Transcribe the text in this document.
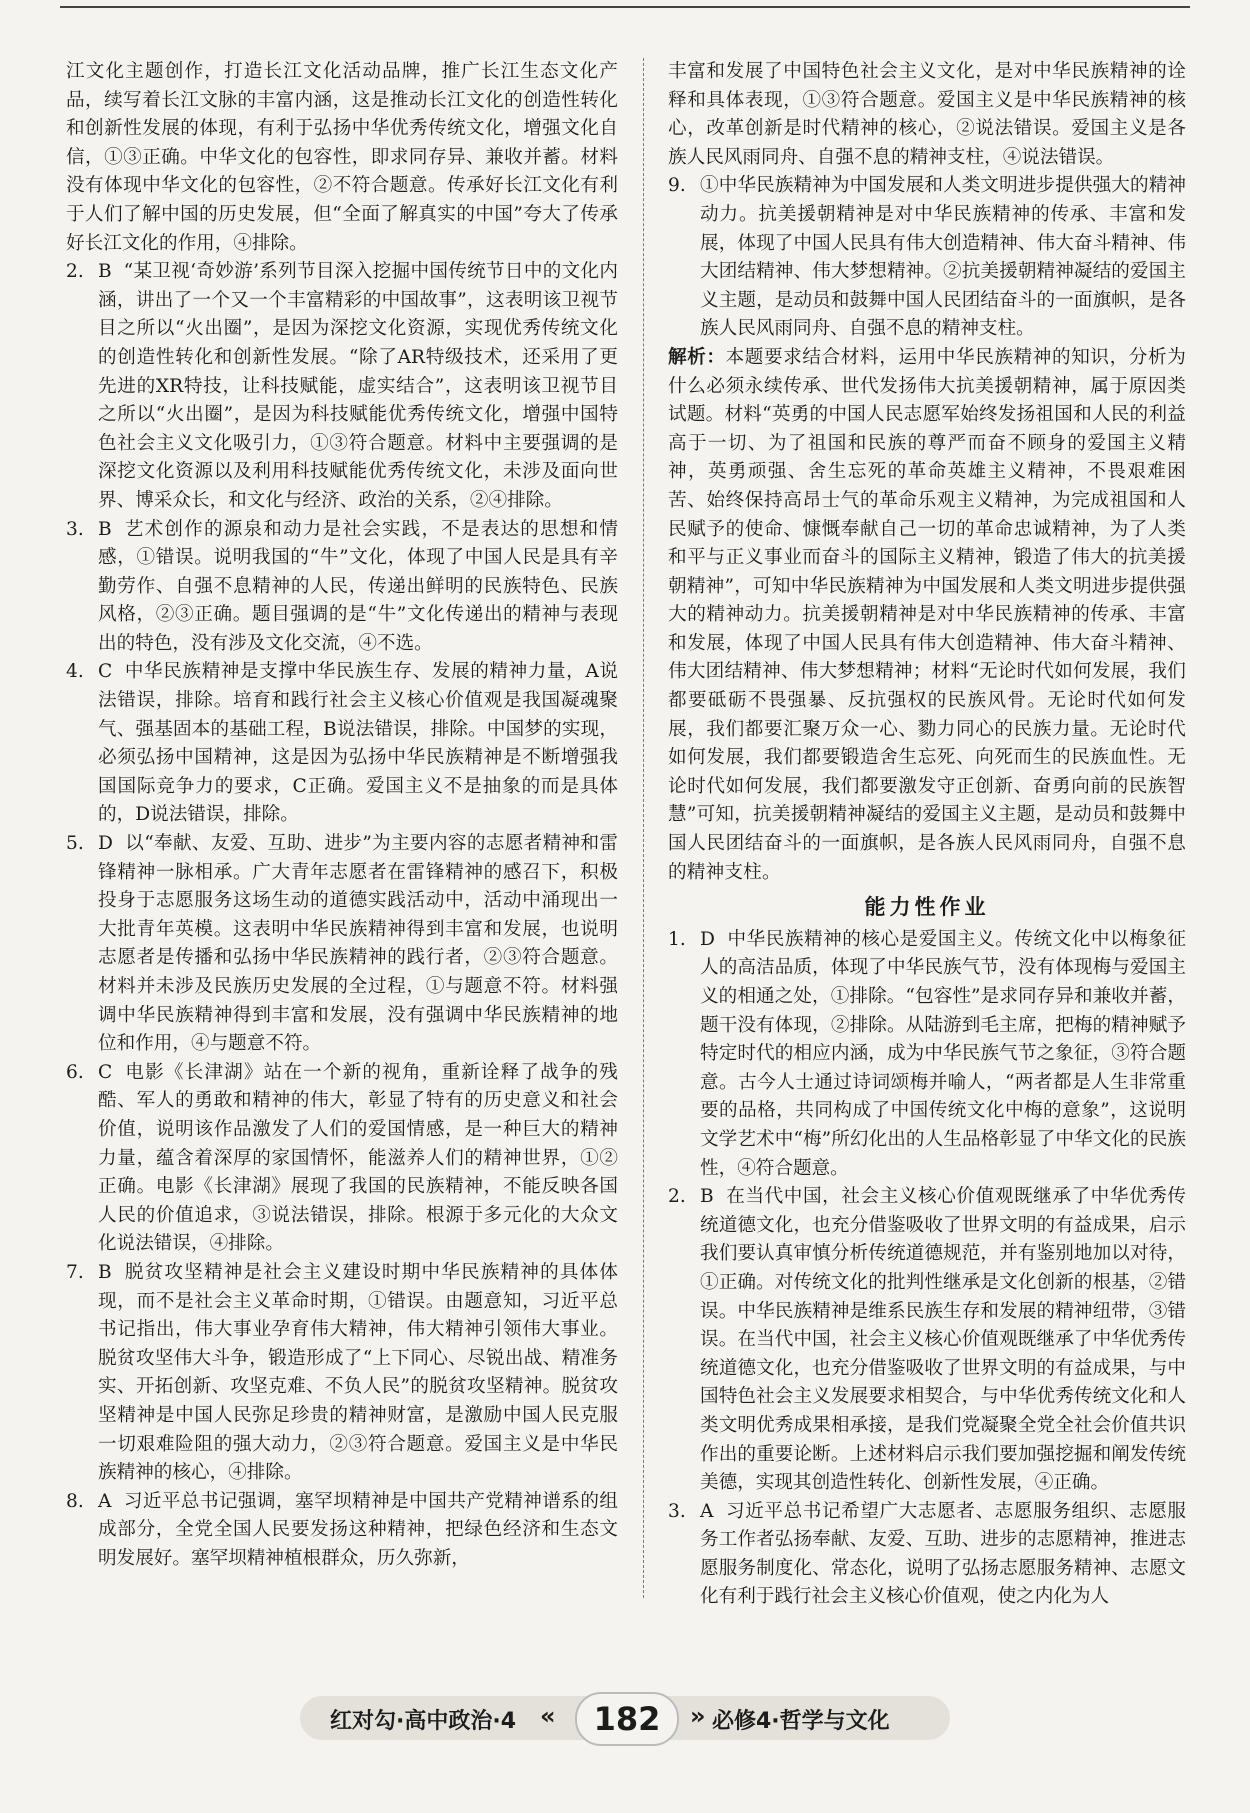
江文化主题创作，打造长江文化活动品牌，推广长江生态文化产品，续写着长江文脉的丰富内涵，这是推动长江文化的创造性转化和创新性发展的体现，有利于弘扬中华优秀传统文化，增强文化自信，①③正确。中华文化的包容性，即求同存异、兼收并蓄。材料没有体现中华文化的包容性，②不符合题意。传承好长江文化有利于人们了解中国的历史发展，但“全面了解真实的中国”夸大了传承好长江文化的作用，④排除。

2. B “某卫视‘奇妙游’系列节目深入挖掘中国传统节日中的文化内涵，讲出了一个又一个丰富精彩的中国故事”，这表明该卫视节目之所以“火出圈”，是因为深挖文化资源，实现优秀传统文化的创造性转化和创新性发展。“除了AR特级技术，还采用了更先进的XR特技，让科技赋能，虚实结合”，这表明该卫视节目之所以“火出圈”，是因为科技赋能优秀传统文化，增强中国特色社会主义文化吸引力，①③符合题意。材料中主要强调的是深挖文化资源以及利用科技赋能优秀传统文化，未涉及面向世界、博采众长，和文化与经济、政治的关系，②④排除。
3. B 艺术创作的源泉和动力是社会实践，不是表达的思想和情感，①错误。说明我国的“牛”文化，体现了中国人民是具有辛勤劳作、自强不息精神的人民，传递出鲜明的民族特色、民族风格，②③正确。题目强调的是“牛”文化传递出的精神与表现出的特色，没有涉及文化交流，④不选。
4. C 中华民族精神是支撑中华民族生存、发展的精神力量，A说法错误，排除。培育和践行社会主义核心价值观是我国凝魂聚气、强基固本的基础工程，B说法错误，排除。中国梦的实现，必须弘扬中国精神，这是因为弘扬中华民族精神是不断增强我国国际竞争力的要求，C正确。爱国主义不是抽象的而是具体的，D说法错误，排除。
5. D 以“奉献、友爱、互助、进步”为主要内容的志愿者精神和雷锋精神一脉相承。广大青年志愿者在雷锋精神的感召下，积极投身于志愿服务这场生动的道德实践活动中，活动中涌现出一大批青年英模。这表明中华民族精神得到丰富和发展，也说明志愿者是传播和弘扬中华民族精神的践行者，②③符合题意。材料并未涉及民族历史发展的全过程，①与题意不符。材料强调中华民族精神得到丰富和发展，没有强调中华民族精神的地位和作用，④与题意不符。
6. C 电影《长津湖》站在一个新的视角，重新诠释了战争的残酷、军人的勇敢和精神的伟大，彰显了特有的历史意义和社会价值，说明该作品激发了人们的爱国情感，是一种巨大的精神力量，蕴含着深厚的家国情怀，能滋养人们的精神世界，①②正确。电影《长津湖》展现了我国的民族精神，不能反映各国人民的价值追求，③说法错误，排除。根源于多元化的大众文化说法错误，④排除。
7. B 脱贫攻坚精神是社会主义建设时期中华民族精神的具体体现，而不是社会主义革命时期，①错误。由题意知，习近平总书记指出，伟大事业孕育伟大精神，伟大精神引领伟大事业。脱贫攻坚伟大斗争，锻造形成了“上下同心、尽锐出战、精准务实、开拓创新、攻坚克难、不负人民”的脱贫攻坚精神。脱贫攻坚精神是中国人民弥足珍贵的精神财富，是激励中国人民克服一切艰难险阻的强大动力，②③符合题意。爱国主义是中华民族精神的核心，④排除。
8. A 习近平总书记强调，塞罕坝精神是中国共产党精神谱系的组成部分，全党全国人民要发扬这种精神，把绿色经济和生态文明发展好。塞罕坝精神植根群众，历久弥新，

丰富和发展了中国特色社会主义文化，是对中华民族精神的诠释和具体表现，①③符合题意。爱国主义是中华民族精神的核心，改革创新是时代精神的核心，②说法错误。爱国主义是各族人民风雨同舟、自强不息的精神支柱，④说法错误。

9. ①中华民族精神为中国发展和人类文明进步提供强大的精神动力。抗美援朝精神是对中华民族精神的传承、丰富和发展，体现了中国人民具有伟大创造精神、伟大奋斗精神、伟大团结精神、伟大梦想精神。②抗美援朝精神凝结的爱国主义主题，是动员和鼓舞中国人民团结奋斗的一面旗帜，是各族人民风雨同舟、自强不息的精神支柱。

解析：本题要求结合材料，运用中华民族精神的知识，分析为什么必须永续传承、世代发扬伟大抗美援朝精神，属于原因类试题。材料“英勇的中国人民志愿军始终发扬祖国和人民的利益高于一切、为了祖国和民族的尊严而奋不顾身的爱国主义精神，英勇顽强、舍生忘死的革命英雄主义精神，不畏艰难困苦、始终保持高昂士气的革命乐观主义精神，为完成祖国和人民赋予的使命、慷慨奉献自己一切的革命忠诚精神，为了人类和平与正义事业而奋斗的国际主义精神，锻造了伟大的抗美援朝精神”，可知中华民族精神为中国发展和人类文明进步提供强大的精神动力。抗美援朝精神是对中华民族精神的传承、丰富和发展，体现了中国人民具有伟大创造精神、伟大奋斗精神、伟大团结精神、伟大梦想精神；材料“无论时代如何发展，我们都要砥砺不畏强暴、反抗强权的民族风骨。无论时代如何发展，我们都要汇聚万众一心、勠力同心的民族力量。无论时代如何发展，我们都要锻造舍生忘死、向死而生的民族血性。无论时代如何发展，我们都要激发守正创新、奋勇向前的民族智慧”可知，抗美援朝精神凝结的爱国主义主题，是动员和鼓舞中国人民团结奋斗的一面旗帜，是各族人民风雨同舟，自强不息的精神支柱。

能力性作业
1. D 中华民族精神的核心是爱国主义。传统文化中以梅象征人的高洁品质，体现了中华民族气节，没有体现梅与爱国主义的相通之处，①排除。“包容性”是求同存异和兼收并蓄，题干没有体现，②排除。从陆游到毛主席，把梅的精神赋予特定时代的相应内涵，成为中华民族气节之象征，③符合题意。古今人士通过诗词颂梅并喻人，“两者都是人生非常重要的品格，共同构成了中国传统文化中梅的意象”，这说明文学艺术中“梅”所幻化出的人生品格彰显了中华文化的民族性，④符合题意。
2. B 在当代中国，社会主义核心价值观既继承了中华优秀传统道德文化，也充分借鉴吸收了世界文明的有益成果，启示我们要认真审慎分析传统道德规范，并有鉴别地加以对待，①正确。对传统文化的批判性继承是文化创新的根基，②错误。中华民族精神是维系民族生存和发展的精神纽带，③错误。在当代中国，社会主义核心价值观既继承了中华优秀传统道德文化，也充分借鉴吸收了世界文明的有益成果，与中国特色社会主义发展要求相契合，与中华优秀传统文化和人类文明优秀成果相承接，是我们党凝聚全党全社会价值共识作出的重要论断。上述材料启示我们要加强挖掘和阐发传统美德，实现其创造性转化、创新性发展，④正确。
3. A 习近平总书记希望广大志愿者、志愿服务组织、志愿服务工作者弘扬奉献、友爱、互助、进步的志愿精神，推进志愿服务制度化、常态化，说明了弘扬志愿服务精神、志愿文化有利于践行社会主义核心价值观，使之内化为人
红对勾·高中政治·4 «	182	» 必修4·哲学与文化
